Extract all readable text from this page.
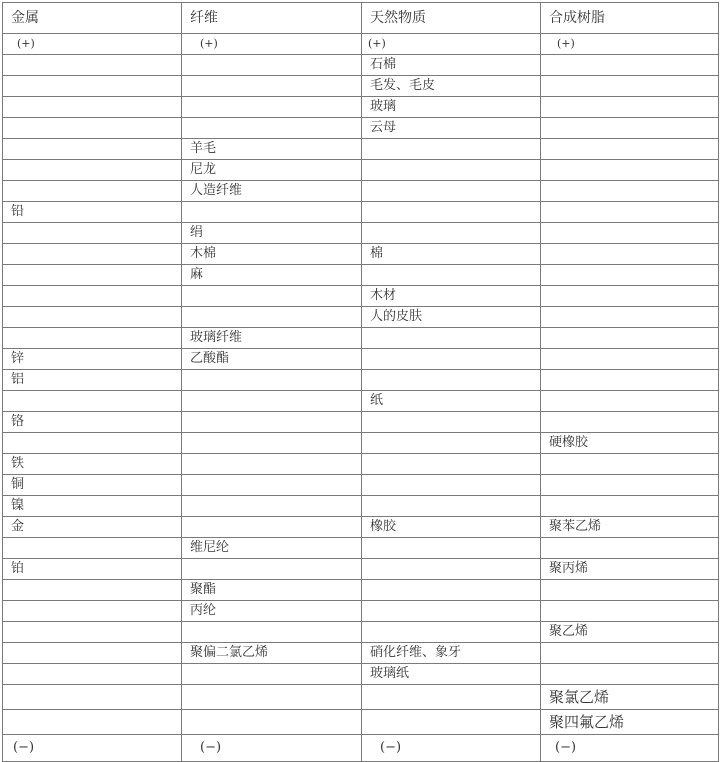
金属	纤维	天然物质	合成树脂
(+)	(+)	(+)	(+)
		石棉	
		毛发、毛皮	
		玻璃	
		云母	
	羊毛		
	尼龙		
	人造纤维		
铅			
	绢		
	木棉	棉	
	麻		
		木材	
		人的皮肤	
	玻璃纤维		
锌	乙酸酯		
铝			
		纸	
铬			
			硬橡胶
铁			
铜			
镍			
金		橡胶	聚苯乙烯
	维尼纶		
铂			聚丙烯
	聚酯		
	丙纶		
			聚乙烯
	聚偏二氯乙烯	硝化纤维、象牙	
		玻璃纸	
			聚氯乙烯
			聚四氟乙烯
(−)	(−)	(−)	(−)
